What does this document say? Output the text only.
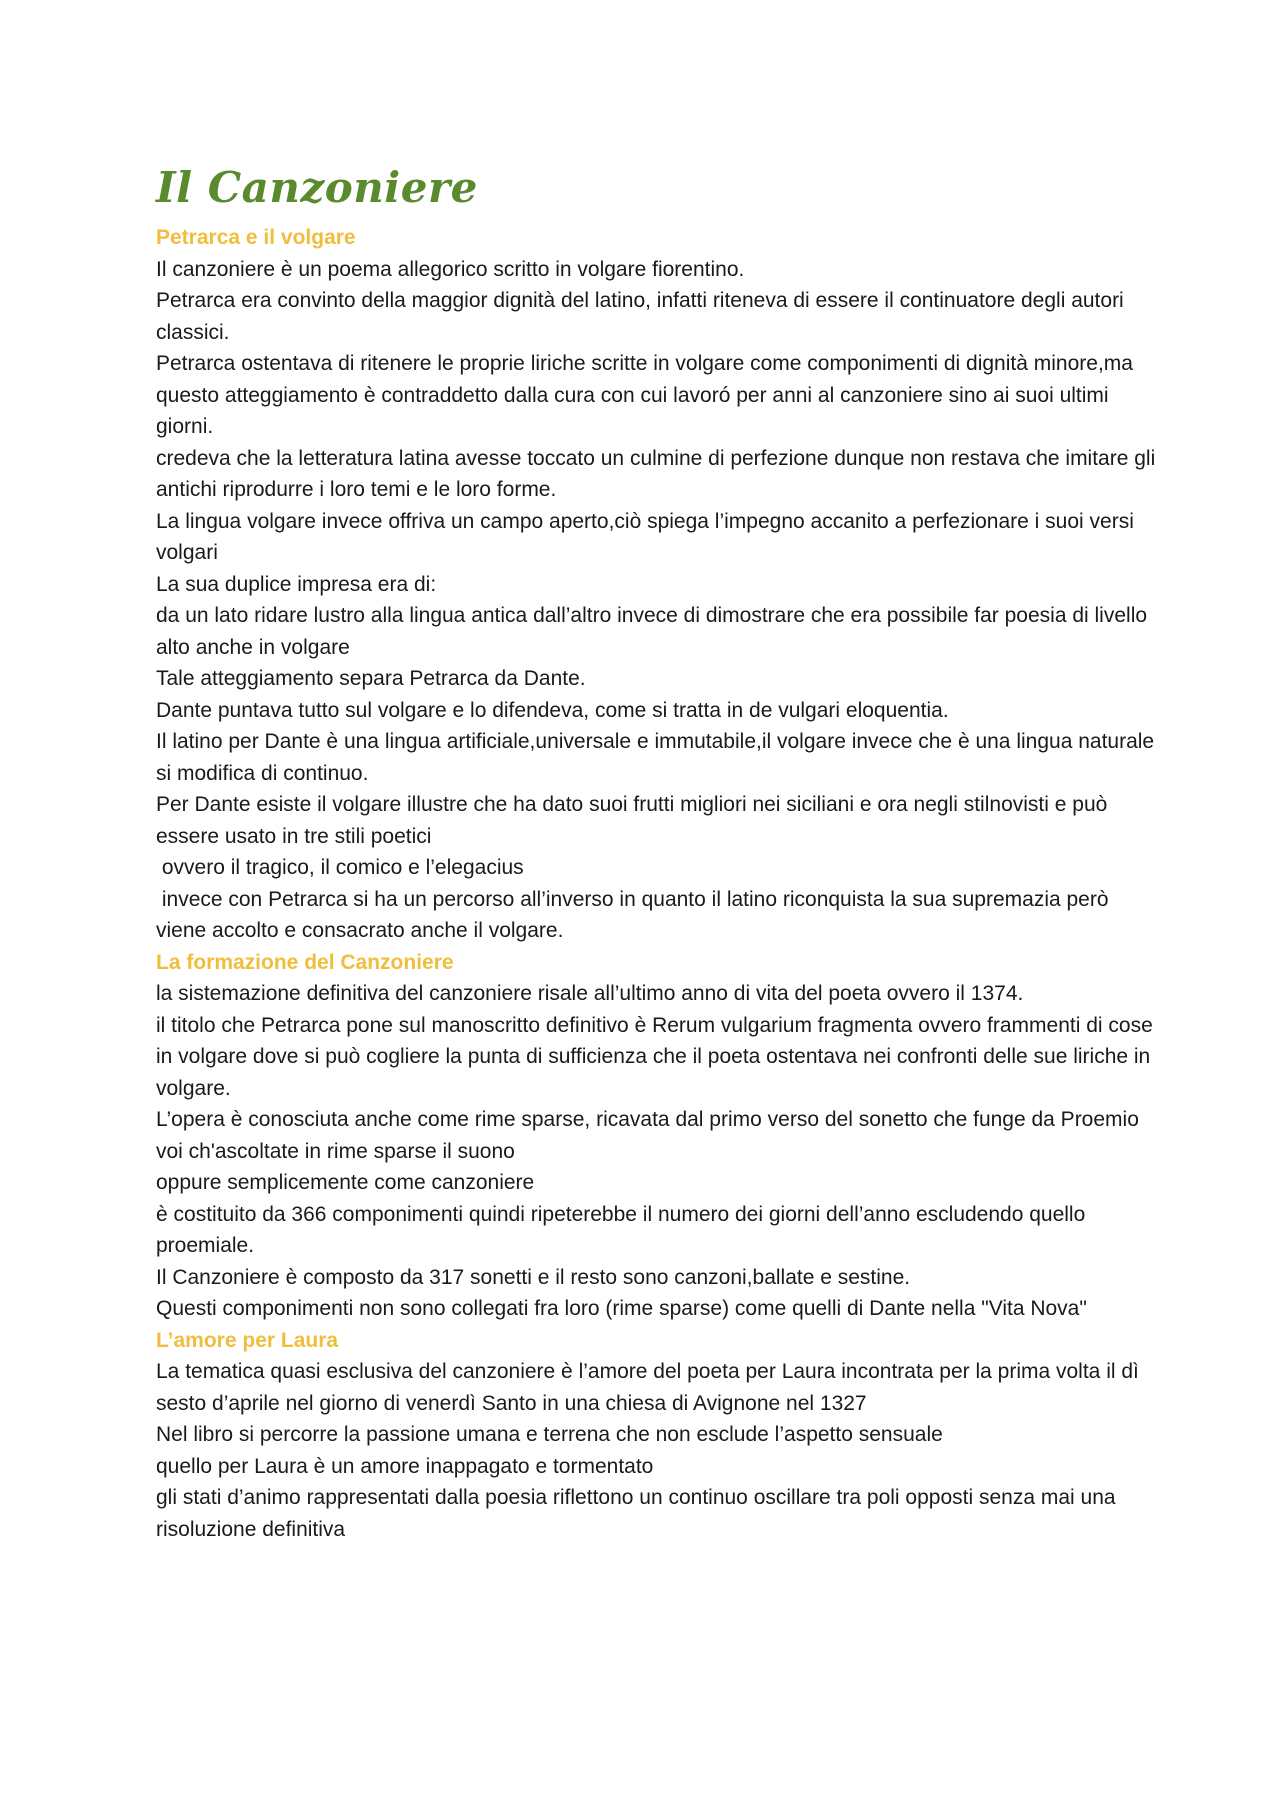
Il Canzoniere
Petrarca e il volgare

Il canzoniere è un poema allegorico scritto in volgare fiorentino.

Petrarca era convinto della maggior dignità del latino, infatti riteneva di essere il continuatore degli autori classici.

Petrarca ostentava di ritenere le proprie liriche scritte in volgare come componimenti di dignità minore,ma questo atteggiamento è contraddetto dalla cura con cui lavoró per anni al canzoniere sino ai suoi ultimi giorni.

credeva che la letteratura latina avesse toccato un culmine di perfezione dunque non restava che imitare gli antichi riprodurre i loro temi e le loro forme.

La lingua volgare invece offriva un campo aperto,ciò spiega l’impegno accanito a perfezionare i suoi versi volgari

La sua duplice impresa era di:

da un lato ridare lustro alla lingua antica dall’altro invece di dimostrare che era possibile far poesia di livello alto anche in volgare

Tale atteggiamento separa Petrarca da Dante.

Dante puntava tutto sul volgare e lo difendeva, come si tratta in de vulgari eloquentia.

Il latino per Dante è una lingua artificiale,universale e immutabile,il volgare invece che è una lingua naturale si modifica di continuo.

Per Dante esiste il volgare illustre che ha dato suoi frutti migliori nei siciliani e ora negli stilnovisti e può essere usato in tre stili poetici

ovvero il tragico, il comico e l’elegacius

invece con Petrarca si ha un percorso all’inverso in quanto il latino riconquista la sua supremazia però viene accolto e consacrato anche il volgare.

La formazione del Canzoniere

la sistemazione definitiva del canzoniere risale all’ultimo anno di vita del poeta ovvero il 1374.

il titolo che Petrarca pone sul manoscritto definitivo è Rerum vulgarium fragmenta ovvero frammenti di cose in volgare dove si può cogliere la punta di sufficienza che il poeta ostentava nei confronti delle sue liriche in volgare.

L’opera è conosciuta anche come rime sparse, ricavata dal primo verso del sonetto che funge da Proemio

voi ch'ascoltate in rime sparse il suono

oppure semplicemente come canzoniere

è costituito da 366 componimenti quindi ripeterebbe il numero dei giorni dell’anno escludendo quello proemiale.

Il Canzoniere è composto da 317 sonetti e il resto sono canzoni,ballate e sestine.

Questi componimenti non sono collegati fra loro (rime sparse) come quelli di Dante nella "Vita Nova"

L’amore per Laura

La tematica quasi esclusiva del canzoniere è l’amore del poeta per Laura incontrata per la prima volta il dì sesto d’aprile nel giorno di venerdì Santo in una chiesa di Avignone nel 1327

Nel libro si percorre la passione umana e terrena che non esclude l’aspetto sensuale

quello per Laura è un amore inappagato e tormentato

gli stati d’animo rappresentati dalla poesia riflettono un continuo oscillare tra poli opposti senza mai una risoluzione definitiva
